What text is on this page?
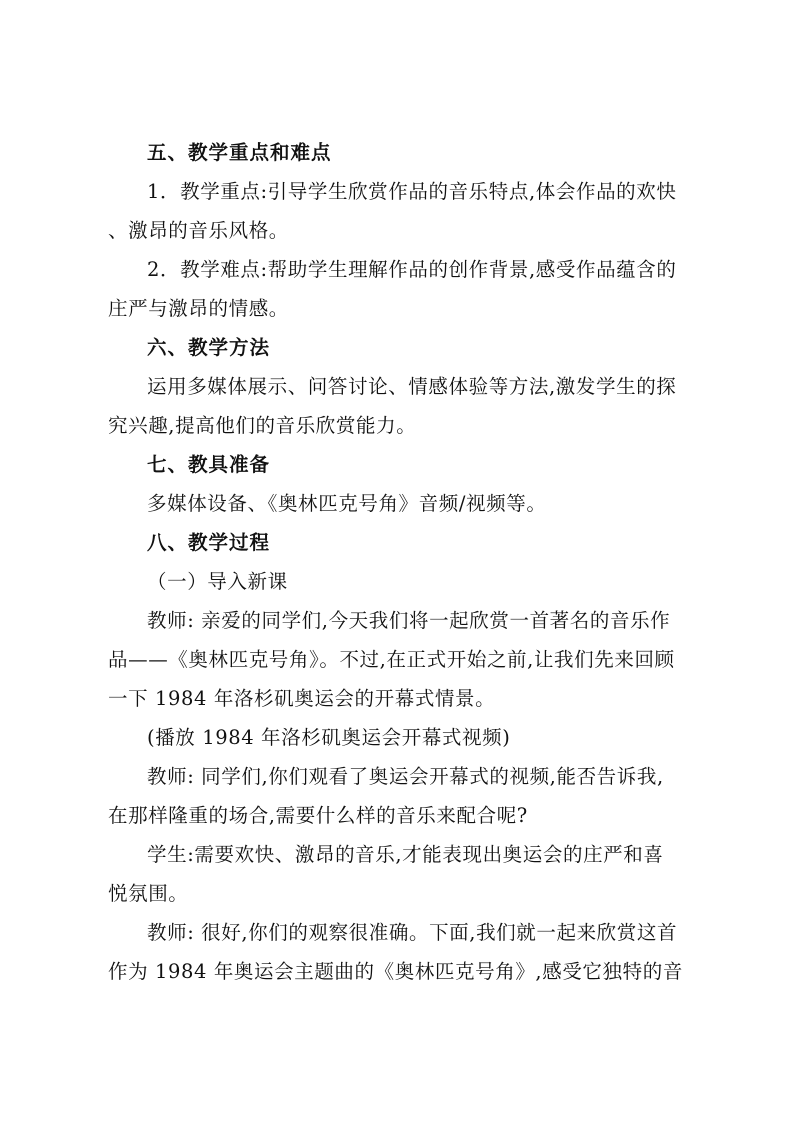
五、教学重点和难点
1．教学重点:引导学生欣赏作品的音乐特点,体会作品的欢快
、激昂的音乐风格。
2．教学难点:帮助学生理解作品的创作背景,感受作品蕴含的
庄严与激昂的情感。
六、教学方法
运用多媒体展示、问答讨论、情感体验等方法,激发学生的探
究兴趣,提高他们的音乐欣赏能力。
七、教具准备
多媒体设备、《奥林匹克号角》音频/视频等。
八、教学过程
（一）导入新课
教师: 亲爱的同学们,今天我们将一起欣赏一首著名的音乐作
品——《奥林匹克号角》。不过,在正式开始之前,让我们先来回顾
一下 1984 年洛杉矶奥运会的开幕式情景。
(播放 1984 年洛杉矶奥运会开幕式视频)
教师: 同学们,你们观看了奥运会开幕式的视频,能否告诉我,
在那样隆重的场合,需要什么样的音乐来配合呢?
学生:需要欢快、激昂的音乐,才能表现出奥运会的庄严和喜
悦氛围。
教师: 很好,你们的观察很准确。下面,我们就一起来欣赏这首
作为 1984 年奥运会主题曲的《奥林匹克号角》,感受它独特的音
